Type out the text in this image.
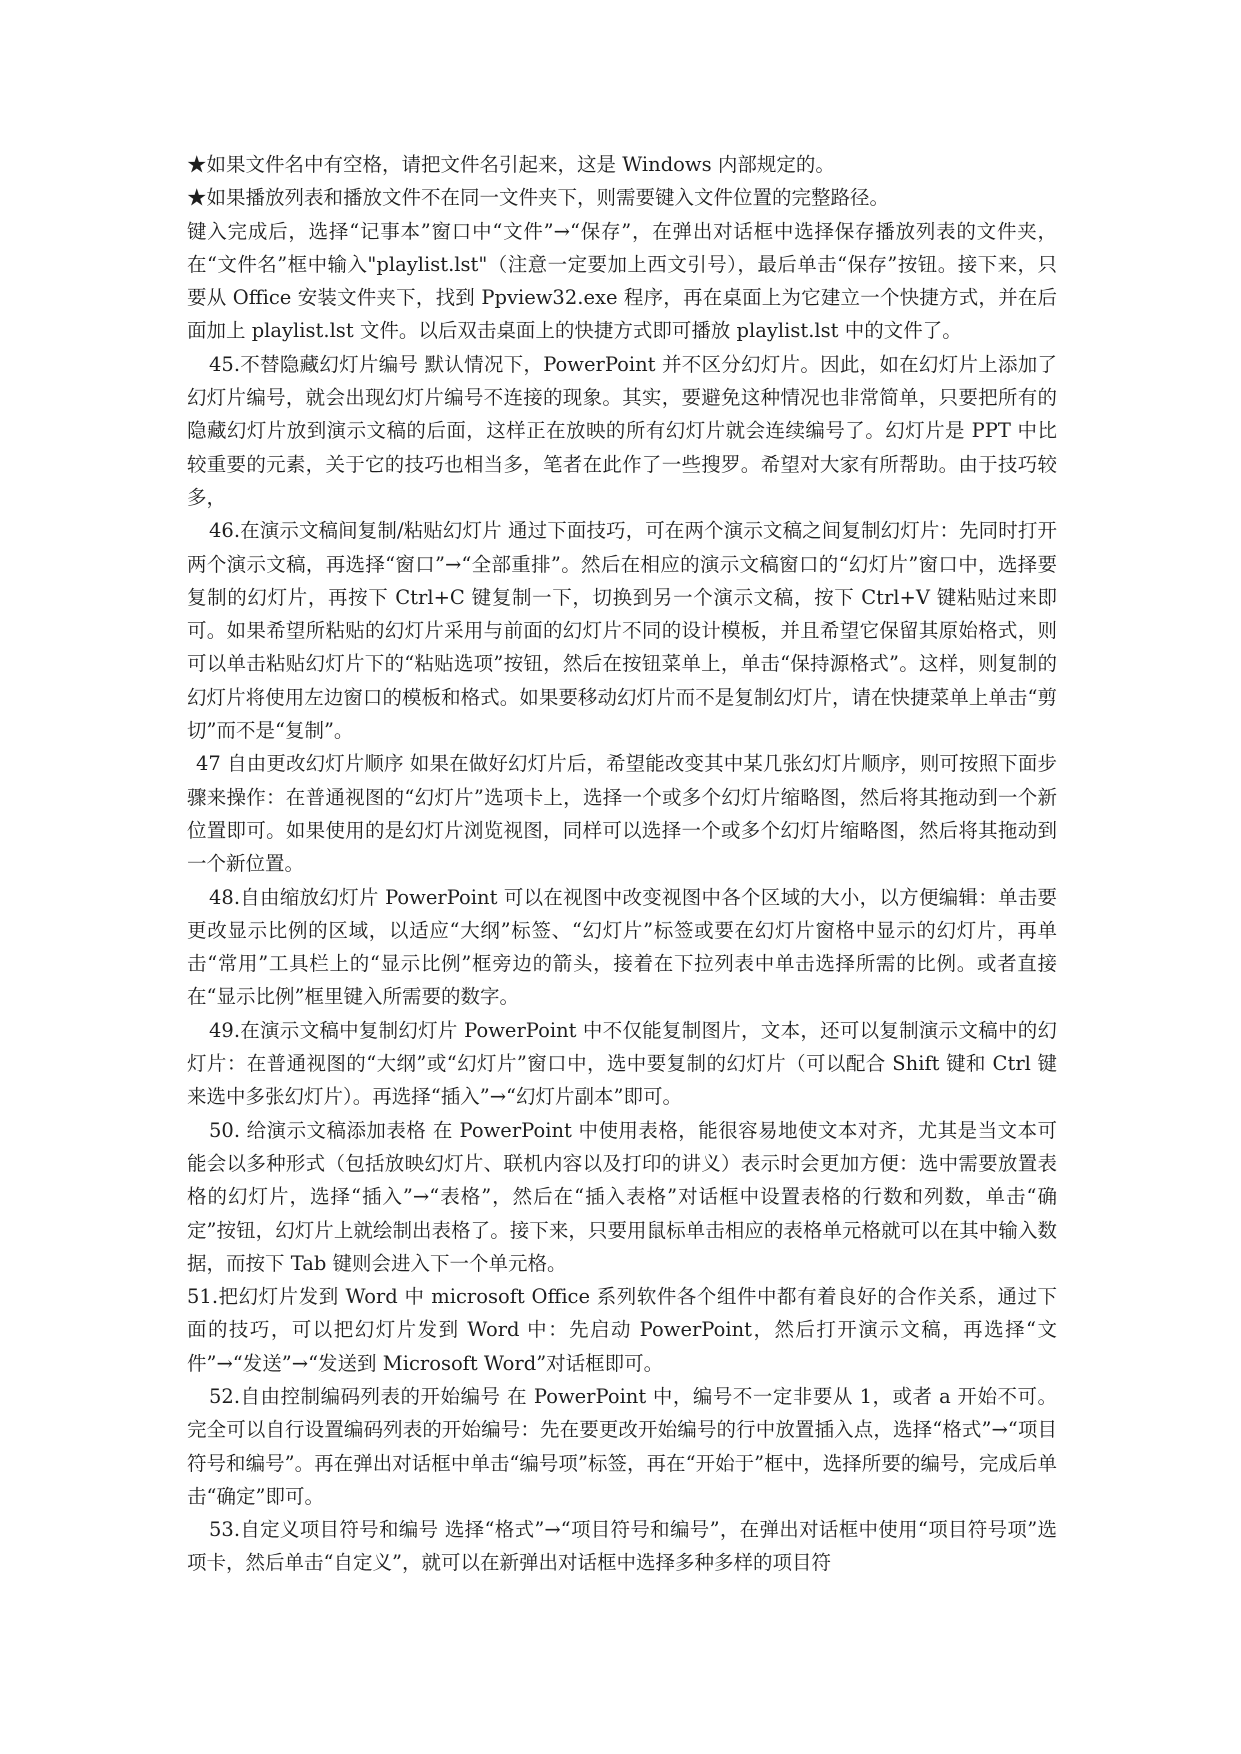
★如果文件名中有空格，请把文件名引起来，这是 Windows 内部规定的。

★如果播放列表和播放文件不在同一文件夹下，则需要键入文件位置的完整路径。

键入完成后，选择“记事本”窗口中“文件”→“保存”，在弹出对话框中选择保存播放列表的文件夹，在“文件名”框中输入"playlist.lst"（注意一定要加上西文引号），最后单击“保存”按钮。接下来，只要从 Office 安装文件夹下，找到 Ppview32.exe 程序，再在桌面上为它建立一个快捷方式，并在后面加上 playlist.lst 文件。以后双击桌面上的快捷方式即可播放 playlist.lst 中的文件了。

45.不替隐藏幻灯片编号 默认情况下，PowerPoint 并不区分幻灯片。因此，如在幻灯片上添加了幻灯片编号，就会出现幻灯片编号不连接的现象。其实，要避免这种情况也非常简单，只要把所有的隐藏幻灯片放到演示文稿的后面，这样正在放映的所有幻灯片就会连续编号了。幻灯片是 PPT 中比较重要的元素，关于它的技巧也相当多，笔者在此作了一些搜罗。希望对大家有所帮助。由于技巧较多，

46.在演示文稿间复制/粘贴幻灯片 通过下面技巧，可在两个演示文稿之间复制幻灯片：先同时打开两个演示文稿，再选择“窗口”→“全部重排”。然后在相应的演示文稿窗口的“幻灯片”窗口中，选择要复制的幻灯片，再按下 Ctrl+C 键复制一下，切换到另一个演示文稿，按下 Ctrl+V 键粘贴过来即可。如果希望所粘贴的幻灯片采用与前面的幻灯片不同的设计模板，并且希望它保留其原始格式，则可以单击粘贴幻灯片下的“粘贴选项”按钮，然后在按钮菜单上，单击“保持源格式”。这样，则复制的幻灯片将使用左边窗口的模板和格式。如果要移动幻灯片而不是复制幻灯片，请在快捷菜单上单击“剪切”而不是“复制”。

47 自由更改幻灯片顺序 如果在做好幻灯片后，希望能改变其中某几张幻灯片顺序，则可按照下面步骤来操作：在普通视图的“幻灯片”选项卡上，选择一个或多个幻灯片缩略图，然后将其拖动到一个新位置即可。如果使用的是幻灯片浏览视图，同样可以选择一个或多个幻灯片缩略图，然后将其拖动到一个新位置。

48.自由缩放幻灯片 PowerPoint 可以在视图中改变视图中各个区域的大小，以方便编辑：单击要更改显示比例的区域，以适应“大纲”标签、“幻灯片”标签或要在幻灯片窗格中显示的幻灯片，再单击“常用”工具栏上的“显示比例”框旁边的箭头，接着在下拉列表中单击选择所需的比例。或者直接在“显示比例”框里键入所需要的数字。

49.在演示文稿中复制幻灯片 PowerPoint 中不仅能复制图片，文本，还可以复制演示文稿中的幻灯片：在普通视图的“大纲”或“幻灯片”窗口中，选中要复制的幻灯片（可以配合 Shift 键和 Ctrl 键来选中多张幻灯片）。再选择“插入”→“幻灯片副本”即可。

50. 给演示文稿添加表格 在 PowerPoint 中使用表格，能很容易地使文本对齐，尤其是当文本可能会以多种形式（包括放映幻灯片、联机内容以及打印的讲义）表示时会更加方便：选中需要放置表格的幻灯片，选择“插入”→“表格”，然后在“插入表格”对话框中设置表格的行数和列数，单击“确定”按钮，幻灯片上就绘制出表格了。接下来，只要用鼠标单击相应的表格单元格就可以在其中输入数据，而按下 Tab 键则会进入下一个单元格。

51.把幻灯片发到 Word 中 microsoft Office 系列软件各个组件中都有着良好的合作关系，通过下面的技巧，可以把幻灯片发到 Word 中：先启动 PowerPoint，然后打开演示文稿，再选择“文件”→“发送”→“发送到 Microsoft Word”对话框即可。

52.自由控制编码列表的开始编号 在 PowerPoint 中，编号不一定非要从 1，或者 a 开始不可。完全可以自行设置编码列表的开始编号：先在要更改开始编号的行中放置插入点，选择“格式”→“项目符号和编号”。再在弹出对话框中单击“编号项”标签，再在“开始于”框中，选择所要的编号，完成后单击“确定”即可。

53.自定义项目符号和编号 选择“格式”→“项目符号和编号”，在弹出对话框中使用“项目符号项”选项卡，然后单击“自定义”，就可以在新弹出对话框中选择多种多样的项目符
